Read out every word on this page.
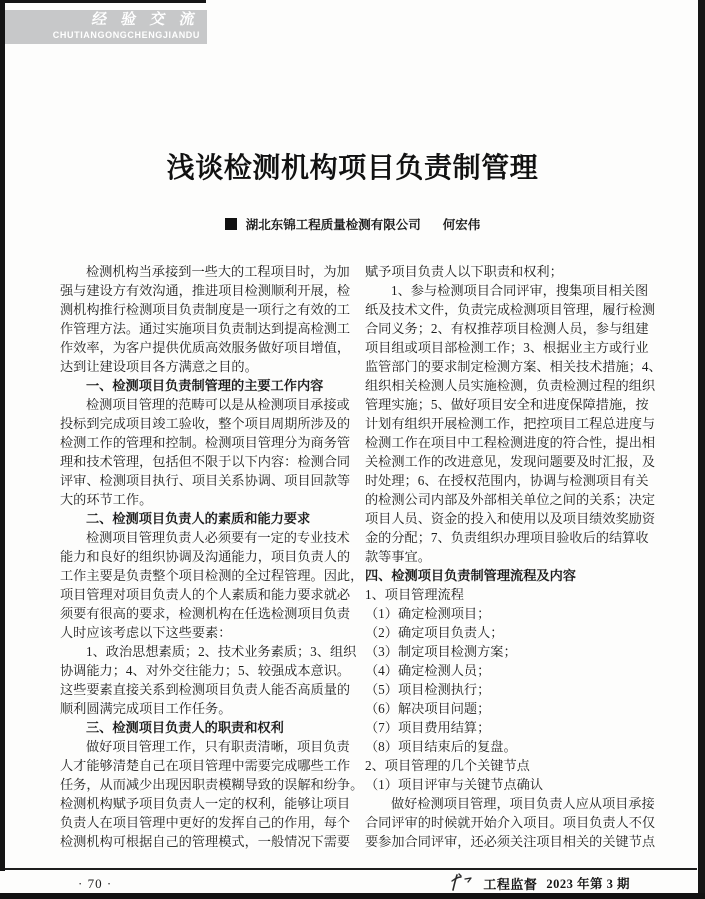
经 验 交 流
CHUTIANGONGCHENGJIANDU
浅谈检测机构项目负责制管理
湖北东锦工程质量检测有限公司 何宏伟
检测机构当承接到一些大的工程项目时，为加
强与建设方有效沟通，推进项目检测顺利开展，检
测机构推行检测项目负责制度是一项行之有效的工
作管理方法。通过实施项目负责制达到提高检测工
作效率，为客户提供优质高效服务做好项目增值，
达到让建设项目各方满意之目的。
一、检测项目负责制管理的主要工作内容
检测项目管理的范畴可以是从检测项目承接或
投标到完成项目竣工验收，整个项目周期所涉及的
检测工作的管理和控制。检测项目管理分为商务管
理和技术管理，包括但不限于以下内容：检测合同
评审、检测项目执行、项目关系协调、项目回款等
大的环节工作。
二、检测项目负责人的素质和能力要求
检测项目管理负责人必须要有一定的专业技术
能力和良好的组织协调及沟通能力，项目负责人的
工作主要是负责整个项目检测的全过程管理。因此，
项目管理对项目负责人的个人素质和能力要求就必
须要有很高的要求，检测机构在任选检测项目负责
人时应该考虑以下这些要素：
1、政治思想素质；2、技术业务素质；3、组织
协调能力；4、对外交往能力；5、较强成本意识。
这些要素直接关系到检测项目负责人能否高质量的
顺利圆满完成项目工作任务。
三、检测项目负责人的职责和权利
做好项目管理工作，只有职责清晰，项目负责
人才能够清楚自己在项目管理中需要完成哪些工作
任务，从而减少出现因职责模糊导致的误解和纷争。
检测机构赋予项目负责人一定的权利，能够让项目
负责人在项目管理中更好的发挥自己的作用，每个
检测机构可根据自己的管理模式，一般情况下需要
赋予项目负责人以下职责和权利；
1、参与检测项目合同评审，搜集项目相关图
纸及技术文件，负责完成检测项目管理，履行检测
合同义务；2、有权推荐项目检测人员，参与组建
项目组或项目部检测工作；3、根据业主方或行业
监管部门的要求制定检测方案、相关技术措施；4、
组织相关检测人员实施检测，负责检测过程的组织
管理实施；5、做好项目安全和进度保障措施，按
计划有组织开展检测工作，把控项目工程总进度与
检测工作在项目中工程检测进度的符合性，提出相
关检测工作的改进意见，发现问题要及时汇报，及
时处理；6、在授权范围内，协调与检测项目有关
的检测公司内部及外部相关单位之间的关系；决定
项目人员、资金的投入和使用以及项目绩效奖励资
金的分配；7、负责组织办理项目验收后的结算收
款等事宜。
四、检测项目负责制管理流程及内容
1、项目管理流程
（1）确定检测项目；
（2）确定项目负责人；
（3）制定项目检测方案；
（4）确定检测人员；
（5）项目检测执行；
（6）解决项目问题；
（7）项目费用结算；
（8）项目结束后的复盘。
2、项目管理的几个关键节点
（1）项目评审与关键节点确认
做好检测项目管理，项目负责人应从项目承接
合同评审的时候就开始介入项目。项目负责人不仅
要参加合同评审，还必须关注项目相关的关键节点
· 70 ·	工程监督 2023 年第 3 期
